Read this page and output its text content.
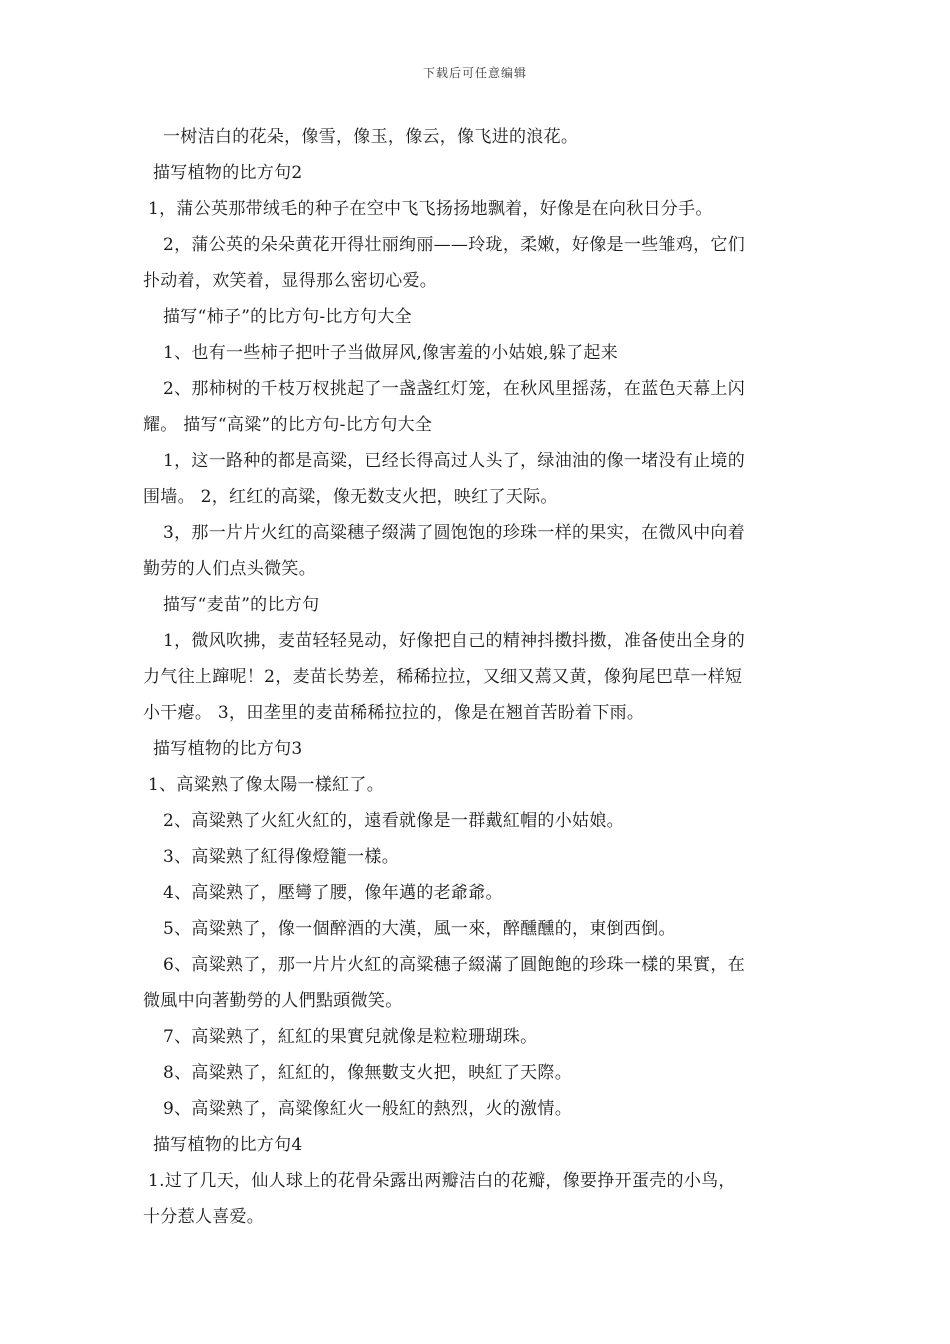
下载后可任意编辑
一树洁白的花朵，像雪，像玉，像云，像飞进的浪花。
描写植物的比方句2
1，蒲公英那带绒毛的种子在空中飞飞扬扬地飘着，好像是在向秋日分手。
2，蒲公英的朵朵黄花开得壮丽绚丽——玲珑，柔嫩，好像是一些雏鸡，它们
扑动着，欢笑着，显得那么密切心爱。
描写“柿子”的比方句-比方句大全
1、也有一些柿子把叶子当做屏风,像害羞的小姑娘,躲了起来
2、那柿树的千枝万杈挑起了一盏盏红灯笼，在秋风里摇荡，在蓝色天幕上闪
耀。 描写“高粱”的比方句-比方句大全
1，这一路种的都是高粱，已经长得高过人头了，绿油油的像一堵没有止境的
围墙。 2，红红的高粱，像无数支火把，映红了天际。
3，那一片片火红的高粱穗子缀满了圆饱饱的珍珠一样的果实，在微风中向着
勤劳的人们点头微笑。
描写“麦苗”的比方句
1，微风吹拂，麦苗轻轻晃动，好像把自己的精神抖擞抖擞，准备使出全身的
力气往上蹿呢！2，麦苗长势差，稀稀拉拉，又细又蔫又黄，像狗尾巴草一样短
小干瘪。 3，田垄里的麦苗稀稀拉拉的，像是在翘首苦盼着下雨。
描写植物的比方句3
1、高粱熟了像太陽一樣紅了。
2、高粱熟了火紅火紅的，遠看就像是一群戴紅帽的小姑娘。
3、高粱熟了紅得像燈籠一樣。
4、高粱熟了，壓彎了腰，像年邁的老爺爺。
5、高粱熟了，像一個醉酒的大漢，風一來，醉醺醺的，東倒西倒。
6、高粱熟了，那一片片火紅的高粱穗子綴滿了圓飽飽的珍珠一樣的果實，在
微風中向著勤勞的人們點頭微笑。
7、高粱熟了，紅紅的果實兒就像是粒粒珊瑚珠。
8、高粱熟了，紅紅的，像無數支火把，映紅了天際。
9、高粱熟了，高粱像紅火一般紅的熱烈，火的激情。
描写植物的比方句4
1.过了几天，仙人球上的花骨朵露出两瓣洁白的花瓣，像要挣开蛋壳的小鸟，
十分惹人喜爱。
